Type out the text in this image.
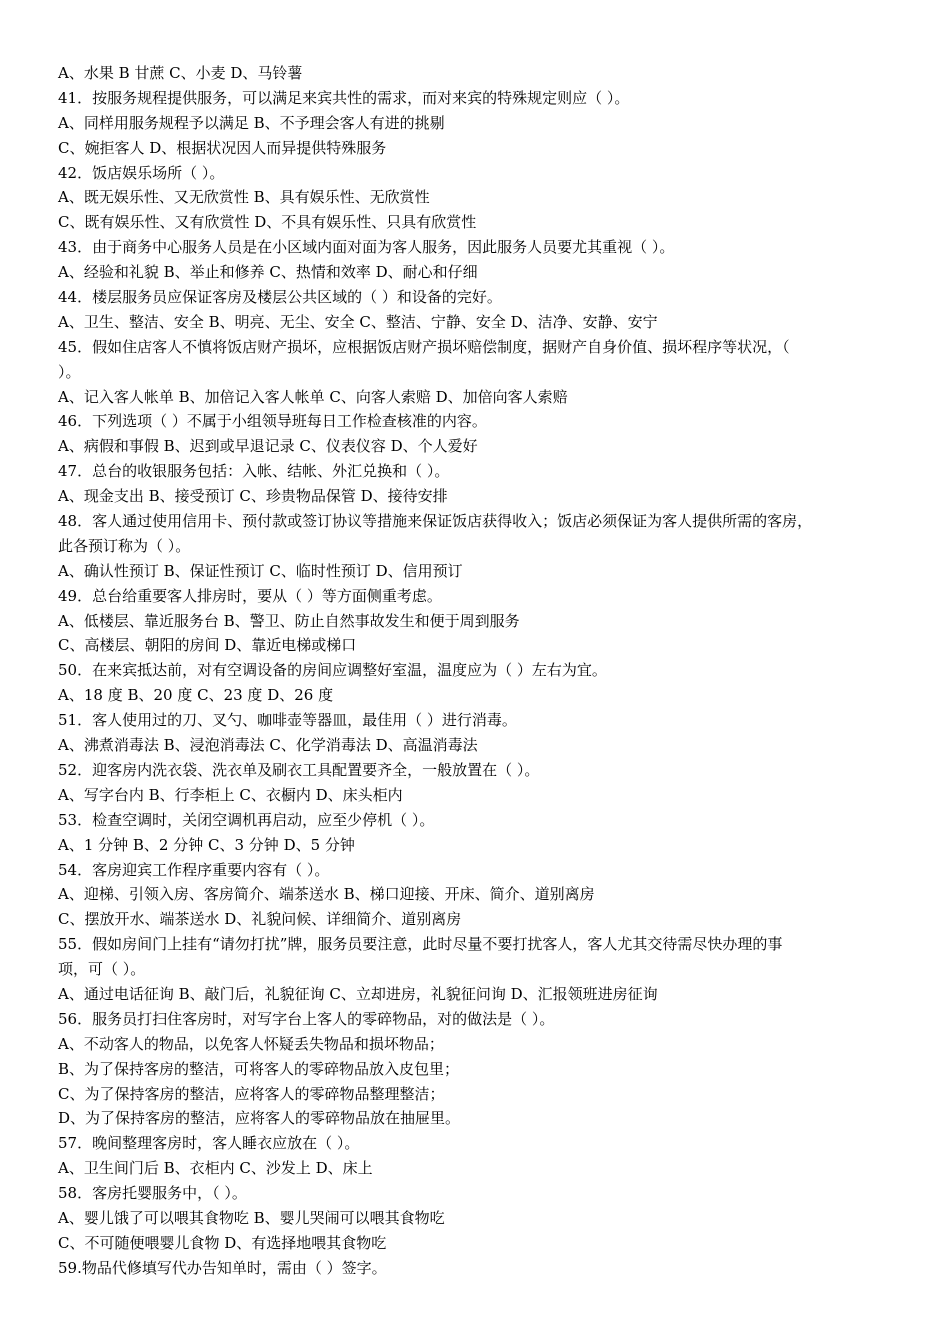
A、水果 B 甘蔗 C、小麦 D、马铃薯
41．按服务规程提供服务，可以满足来宾共性的需求，而对来宾的特殊规定则应（ ）。
A、同样用服务规程予以满足 B、不予理会客人有进的挑剔
C、婉拒客人 D、根据状况因人而异提供特殊服务
42．饭店娱乐场所（ ）。
A、既无娱乐性、又无欣赏性 B、具有娱乐性、无欣赏性
C、既有娱乐性、又有欣赏性 D、不具有娱乐性、只具有欣赏性
43．由于商务中心服务人员是在小区域内面对面为客人服务，因此服务人员要尤其重视（ ）。
A、经验和礼貌 B、举止和修养 C、热情和效率 D、耐心和仔细
44．楼层服务员应保证客房及楼层公共区域的（ ）和设备的完好。
A、卫生、整洁、安全 B、明亮、无尘、安全 C、整洁、宁静、安全 D、洁净、安静、安宁
45．假如住店客人不慎将饭店财产损坏，应根据饭店财产损坏赔偿制度，据财产自身价值、损坏程序等状况，（
）。
A、记入客人帐单 B、加倍记入客人帐单 C、向客人索赔 D、加倍向客人索赔
46．下列选项（ ）不属于小组领导班每日工作检查核准的内容。
A、病假和事假 B、迟到或早退记录 C、仪表仪容 D、个人爱好
47．总台的收银服务包括：入帐、结帐、外汇兑换和（ ）。
A、现金支出 B、接受预订 C、珍贵物品保管 D、接待安排
48．客人通过使用信用卡、预付款或签订协议等措施来保证饭店获得收入；饭店必须保证为客人提供所需的客房，
此各预订称为（ ）。
A、确认性预订 B、保证性预订 C、临时性预订 D、信用预订
49．总台给重要客人排房时，要从（ ）等方面侧重考虑。
A、低楼层、靠近服务台 B、警卫、防止自然事故发生和便于周到服务
C、高楼层、朝阳的房间 D、靠近电梯或梯口
50．在来宾抵达前，对有空调设备的房间应调整好室温，温度应为（ ）左右为宜。
A、18 度 B、20 度 C、23 度 D、26 度
51．客人使用过的刀、叉勺、咖啡壶等器皿，最佳用（ ）进行消毒。
A、沸煮消毒法 B、浸泡消毒法 C、化学消毒法 D、高温消毒法
52．迎客房内洗衣袋、洗衣单及刷衣工具配置要齐全，一般放置在（ ）。
A、写字台内 B、行李柜上 C、衣橱内 D、床头柜内
53．检查空调时，关闭空调机再启动，应至少停机（ ）。
A、1 分钟 B、2 分钟 C、3 分钟 D、5 分钟
54．客房迎宾工作程序重要内容有（ ）。
A、迎梯、引领入房、客房简介、端茶送水 B、梯口迎接、开床、简介、道别离房
C、摆放开水、端茶送水 D、礼貌问候、详细简介、道别离房
55．假如房间门上挂有“请勿打扰”牌，服务员要注意，此时尽量不要打扰客人，客人尤其交待需尽快办理的事
项，可（ ）。
A、通过电话征询 B、敲门后，礼貌征询 C、立却进房，礼貌征问询 D、汇报领班进房征询
56．服务员打扫住客房时，对写字台上客人的零碎物品，对的做法是（ ）。
A、不动客人的物品，以免客人怀疑丢失物品和损坏物品；
B、为了保持客房的整洁，可将客人的零碎物品放入皮包里；
C、为了保持客房的整洁，应将客人的零碎物品整理整洁；
D、为了保持客房的整洁，应将客人的零碎物品放在抽屉里。
57．晚间整理客房时，客人睡衣应放在（ ）。
A、卫生间门后 B、衣柜内 C、沙发上 D、床上
58．客房托婴服务中，（ ）。
A、婴儿饿了可以喂其食物吃 B、婴儿哭闹可以喂其食物吃
C、不可随便喂婴儿食物 D、有选择地喂其食物吃
59.物品代修填写代办告知单时，需由（ ）签字。
